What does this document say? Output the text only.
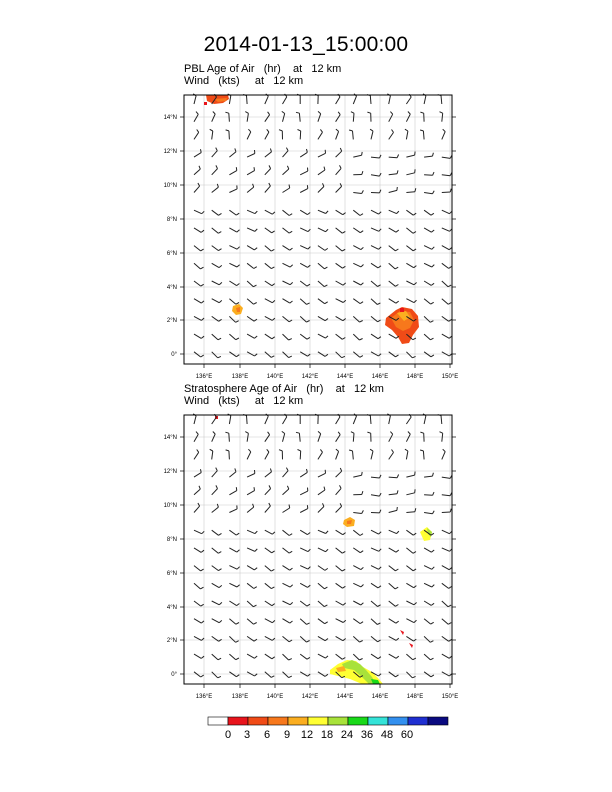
2014-01-13_15:00:00
PBL Age of Air   (hr)    at   12 km
Wind   (kts)     at   12 km
Stratosphere Age of Air   (hr)    at   12 km
Wind   (kts)     at   12 km
14°N
12°N
10°N
8°N
6°N
4°N
2°N
0°
136°E	138°E	140°E	142°E	144°E	146°E	148°E	150°E
14°N
12°N
10°N
8°N
6°N
4°N
2°N
0°
136°E	138°E	140°E	142°E	144°E	146°E	148°E	150°E
0 3 6 9 12 18 24 36 48 60
